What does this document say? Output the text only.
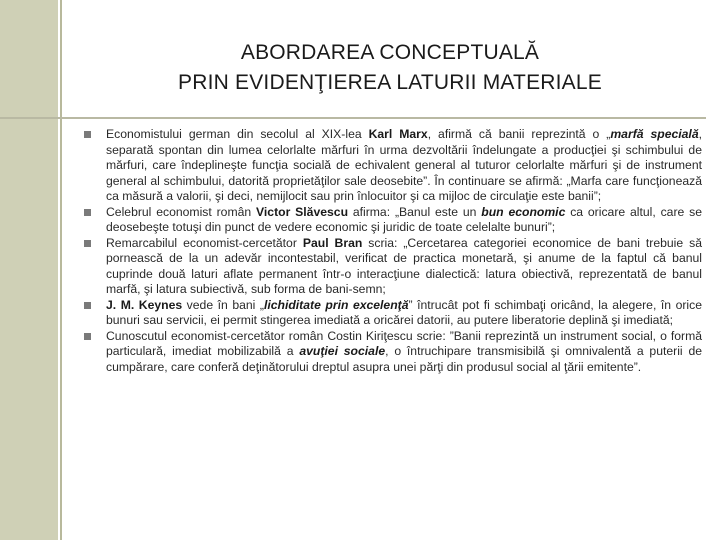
ABORDAREA CONCEPTUALĂ
PRIN EVIDENŢIEREA LATURII MATERIALE
Economistului german din secolul al XIX-lea Karl Marx, afirmă că banii reprezintă o „marfă specială, separată spontan din lumea celorlalte mărfuri în urma dezvoltării îndelungate a producţiei şi schimbului de mărfuri, care îndeplineşte funcţia socială de echivalent general al tuturor celorlalte mărfuri şi de instrument general al schimbului, datorită proprietăţilor sale deosebite”. În continuare se afirmă: „Marfa care funcţionează ca măsură a valorii, şi deci, nemijlocit sau prin înlocuitor şi ca mijloc de circulaţie este banii”;
Celebrul economist român Victor Slăvescu afirma: „Banul este un bun economic ca oricare altul, care se deosebeşte totuşi din punct de vedere economic şi juridic de toate celelalte bunuri”;
Remarcabilul economist-cercetător Paul Bran scria: „Cercetarea categoriei economice de bani trebuie să pornească de la un adevăr incontestabil, verificat de practica monetară, şi anume de la faptul că banul cuprinde două laturi aflate permanent într-o interacţiune dialectică: latura obiectivă, reprezentată de banul marfă, şi latura subiectivă, sub forma de bani-semn;
J. M. Keynes vede în bani „lichiditate prin excelenţă” întrucât pot fi schimbaţi oricând, la alegere, în orice bunuri sau servicii, ei permit stingerea imediată a oricărei datorii, au putere liberatorie deplină şi imediată;
Cunoscutul economist-cercetător român Costin Kiriţescu scrie: ”Banii reprezintă un instrument social, o formă particulară, imediat mobilizabilă a avuţiei sociale, o întruchipare transmisibilă şi omnivalentă a puterii de cumpărare, care conferă deţinătorului dreptul asupra unei părţi din produsul social al ţării emitente”.
